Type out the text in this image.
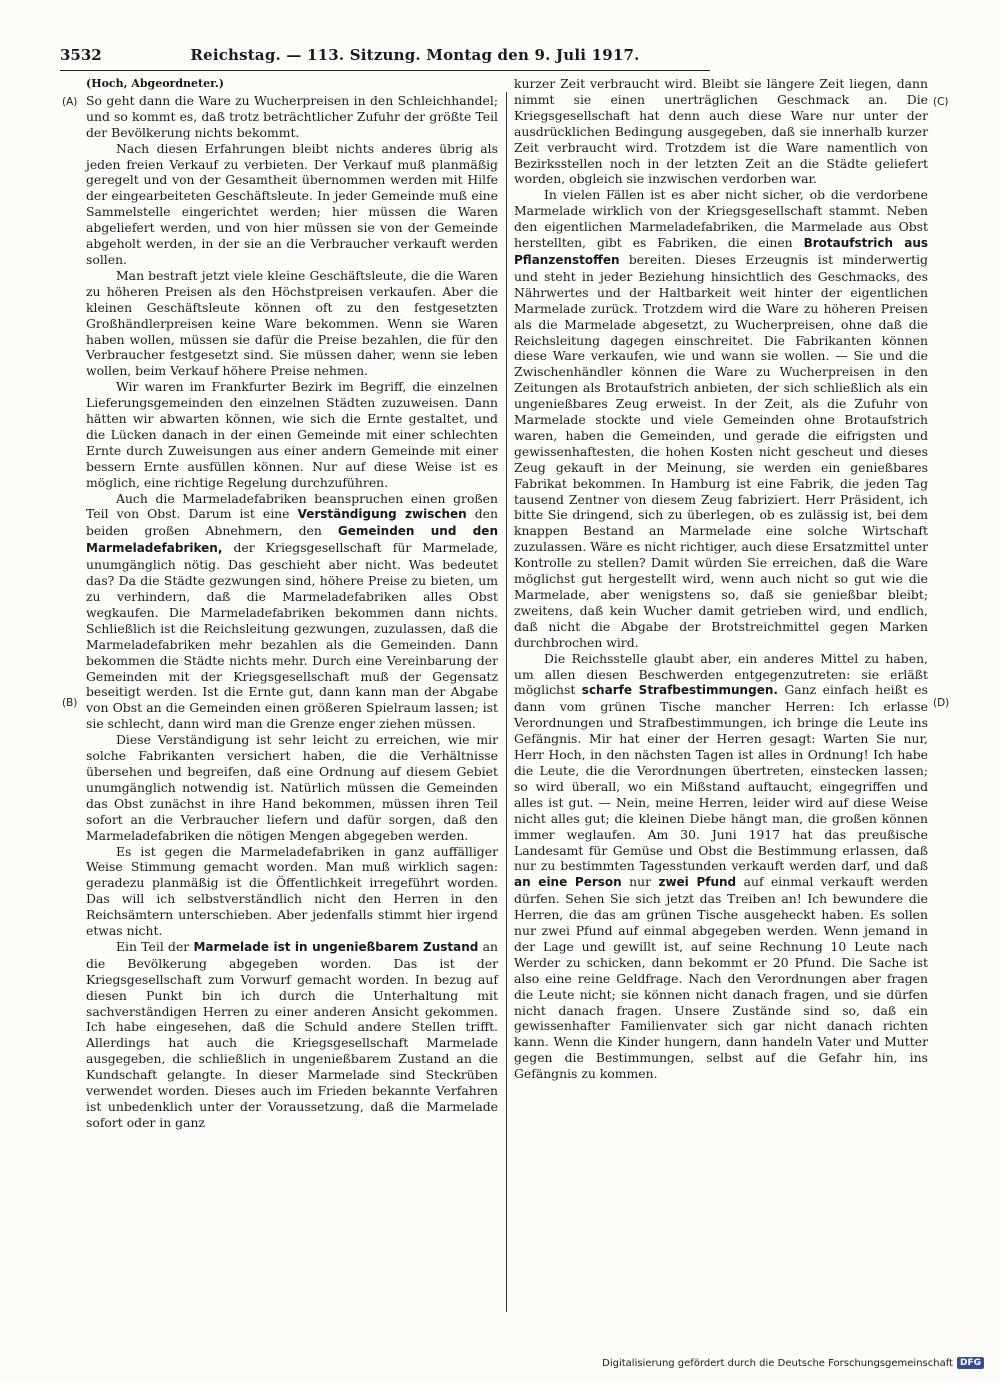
3532	Reichstag. — 113. Sitzung. Montag den 9. Juli 1917.
(A)
(B)
(C)
(D)
(Hoch, Abgeordneter.)

So geht dann die Ware zu Wucherpreisen in den Schleichhandel; und so kommt es, daß trotz beträchtlicher Zufuhr der größte Teil der Bevölkerung nichts bekommt.

Nach diesen Erfahrungen bleibt nichts anderes übrig als jeden freien Verkauf zu verbieten. Der Verkauf muß planmäßig geregelt und von der Gesamtheit übernommen werden mit Hilfe der eingearbeiteten Geschäftsleute. In jeder Gemeinde muß eine Sammelstelle eingerichtet werden; hier müssen die Waren abgeliefert werden, und von hier müssen sie von der Gemeinde abgeholt werden, in der sie an die Verbraucher verkauft werden sollen.

Man bestraft jetzt viele kleine Geschäftsleute, die die Waren zu höheren Preisen als den Höchstpreisen verkaufen. Aber die kleinen Geschäftsleute können oft zu den festgesetzten Großhändlerpreisen keine Ware bekommen. Wenn sie Waren haben wollen, müssen sie dafür die Preise bezahlen, die für den Verbraucher festgesetzt sind. Sie müssen daher, wenn sie leben wollen, beim Verkauf höhere Preise nehmen.

Wir waren im Frankfurter Bezirk im Begriff, die einzelnen Lieferungsgemeinden den einzelnen Städten zuzuweisen. Dann hätten wir abwarten können, wie sich die Ernte gestaltet, und die Lücken danach in der einen Gemeinde mit einer schlechten Ernte durch Zuweisungen aus einer andern Gemeinde mit einer bessern Ernte ausfüllen können. Nur auf diese Weise ist es möglich, eine richtige Regelung durchzuführen.

Auch die Marmeladefabriken beanspruchen einen großen Teil von Obst. Darum ist eine Verständigung zwischen den beiden großen Abnehmern, den Gemeinden und den Marmeladefabriken, der Kriegsgesellschaft für Marmelade, unumgänglich nötig. Das geschieht aber nicht. Was bedeutet das? Da die Städte gezwungen sind, höhere Preise zu bieten, um zu verhindern, daß die Marmeladefabriken alles Obst wegkaufen. Die Marmeladefabriken bekommen dann nichts. Schließlich ist die Reichsleitung gezwungen, zuzulassen, daß die Marmeladefabriken mehr bezahlen als die Gemeinden. Dann bekommen die Städte nichts mehr. Durch eine Vereinbarung der Gemeinden mit der Kriegsgesellschaft muß der Gegensatz beseitigt werden. Ist die Ernte gut, dann kann man der Abgabe von Obst an die Gemeinden einen größeren Spielraum lassen; ist sie schlecht, dann wird man die Grenze enger ziehen müssen.

Diese Verständigung ist sehr leicht zu erreichen, wie mir solche Fabrikanten versichert haben, die die Verhältnisse übersehen und begreifen, daß eine Ordnung auf diesem Gebiet unumgänglich notwendig ist. Natürlich müssen die Gemeinden das Obst zunächst in ihre Hand bekommen, müssen ihren Teil sofort an die Verbraucher liefern und dafür sorgen, daß den Marmeladefabriken die nötigen Mengen abgegeben werden.

Es ist gegen die Marmeladefabriken in ganz auffälliger Weise Stimmung gemacht worden. Man muß wirklich sagen: geradezu planmäßig ist die Öffentlichkeit irregeführt worden. Das will ich selbstverständlich nicht den Herren in den Reichsämtern unterschieben. Aber jedenfalls stimmt hier irgend etwas nicht.

Ein Teil der Marmelade ist in ungenießbarem Zustand an die Bevölkerung abgegeben worden. Das ist der Kriegsgesellschaft zum Vorwurf gemacht worden. In bezug auf diesen Punkt bin ich durch die Unterhaltung mit sachverständigen Herren zu einer anderen Ansicht gekommen. Ich habe eingesehen, daß die Schuld andere Stellen trifft. Allerdings hat auch die Kriegsgesellschaft Marmelade ausgegeben, die schließlich in ungenießbarem Zustand an die Kundschaft gelangte. In dieser Marmelade sind Steckrüben verwendet worden. Dieses auch im Frieden bekannte Verfahren ist unbedenklich unter der Voraussetzung, daß die Marmelade sofort oder in ganz

kurzer Zeit verbraucht wird. Bleibt sie längere Zeit liegen, dann nimmt sie einen unerträglichen Geschmack an. Die Kriegsgesellschaft hat denn auch diese Ware nur unter der ausdrücklichen Bedingung ausgegeben, daß sie innerhalb kurzer Zeit verbraucht wird. Trotzdem ist die Ware namentlich von Bezirksstellen noch in der letzten Zeit an die Städte geliefert worden, obgleich sie inzwischen verdorben war.

In vielen Fällen ist es aber nicht sicher, ob die verdorbene Marmelade wirklich von der Kriegsgesellschaft stammt. Neben den eigentlichen Marmeladefabriken, die Marmelade aus Obst herstellten, gibt es Fabriken, die einen Brotaufstrich aus Pflanzenstoffen bereiten. Dieses Erzeugnis ist minderwertig und steht in jeder Beziehung hinsichtlich des Geschmacks, des Nährwertes und der Haltbarkeit weit hinter der eigentlichen Marmelade zurück. Trotzdem wird die Ware zu höheren Preisen als die Marmelade abgesetzt, zu Wucherpreisen, ohne daß die Reichsleitung dagegen einschreitet. Die Fabrikanten können diese Ware verkaufen, wie und wann sie wollen. — Sie und die Zwischenhändler können die Ware zu Wucherpreisen in den Zeitungen als Brotaufstrich anbieten, der sich schließlich als ein ungenießbares Zeug erweist. In der Zeit, als die Zufuhr von Marmelade stockte und viele Gemeinden ohne Brotaufstrich waren, haben die Gemeinden, und gerade die eifrigsten und gewissenhaftesten, die hohen Kosten nicht gescheut und dieses Zeug gekauft in der Meinung, sie werden ein genießbares Fabrikat bekommen. In Hamburg ist eine Fabrik, die jeden Tag tausend Zentner von diesem Zeug fabriziert. Herr Präsident, ich bitte Sie dringend, sich zu überlegen, ob es zulässig ist, bei dem knappen Bestand an Marmelade eine solche Wirtschaft zuzulassen. Wäre es nicht richtiger, auch diese Ersatzmittel unter Kontrolle zu stellen? Damit würden Sie erreichen, daß die Ware möglichst gut hergestellt wird, wenn auch nicht so gut wie die Marmelade, aber wenigstens so, daß sie genießbar bleibt; zweitens, daß kein Wucher damit getrieben wird, und endlich, daß nicht die Abgabe der Brotstreichmittel gegen Marken durchbrochen wird.

Die Reichsstelle glaubt aber, ein anderes Mittel zu haben, um allen diesen Beschwerden entgegenzutreten: sie erläßt möglichst scharfe Strafbestimmungen. Ganz einfach heißt es dann vom grünen Tische mancher Herren: Ich erlasse Verordnungen und Strafbestimmungen, ich bringe die Leute ins Gefängnis. Mir hat einer der Herren gesagt: Warten Sie nur, Herr Hoch, in den nächsten Tagen ist alles in Ordnung! Ich habe die Leute, die die Verordnungen übertreten, einstecken lassen; so wird überall, wo ein Mißstand auftaucht, eingegriffen und alles ist gut. — Nein, meine Herren, leider wird auf diese Weise nicht alles gut; die kleinen Diebe hängt man, die großen können immer weglaufen. Am 30. Juni 1917 hat das preußische Landesamt für Gemüse und Obst die Bestimmung erlassen, daß nur zu bestimmten Tagesstunden verkauft werden darf, und daß an eine Person nur zwei Pfund auf einmal verkauft werden dürfen. Sehen Sie sich jetzt das Treiben an! Ich bewundere die Herren, die das am grünen Tische ausgeheckt haben. Es sollen nur zwei Pfund auf einmal abgegeben werden. Wenn jemand in der Lage und gewillt ist, auf seine Rechnung 10 Leute nach Werder zu schicken, dann bekommt er 20 Pfund. Die Sache ist also eine reine Geldfrage. Nach den Verordnungen aber fragen die Leute nicht; sie können nicht danach fragen, und sie dürfen nicht danach fragen. Unsere Zustände sind so, daß ein gewissenhafter Familienvater sich gar nicht danach richten kann. Wenn die Kinder hungern, dann handeln Vater und Mutter gegen die Bestimmungen, selbst auf die Gefahr hin, ins Gefängnis zu kommen.

Digitalisierung gefördert durch die Deutsche Forschungsgemeinschaft DFG
